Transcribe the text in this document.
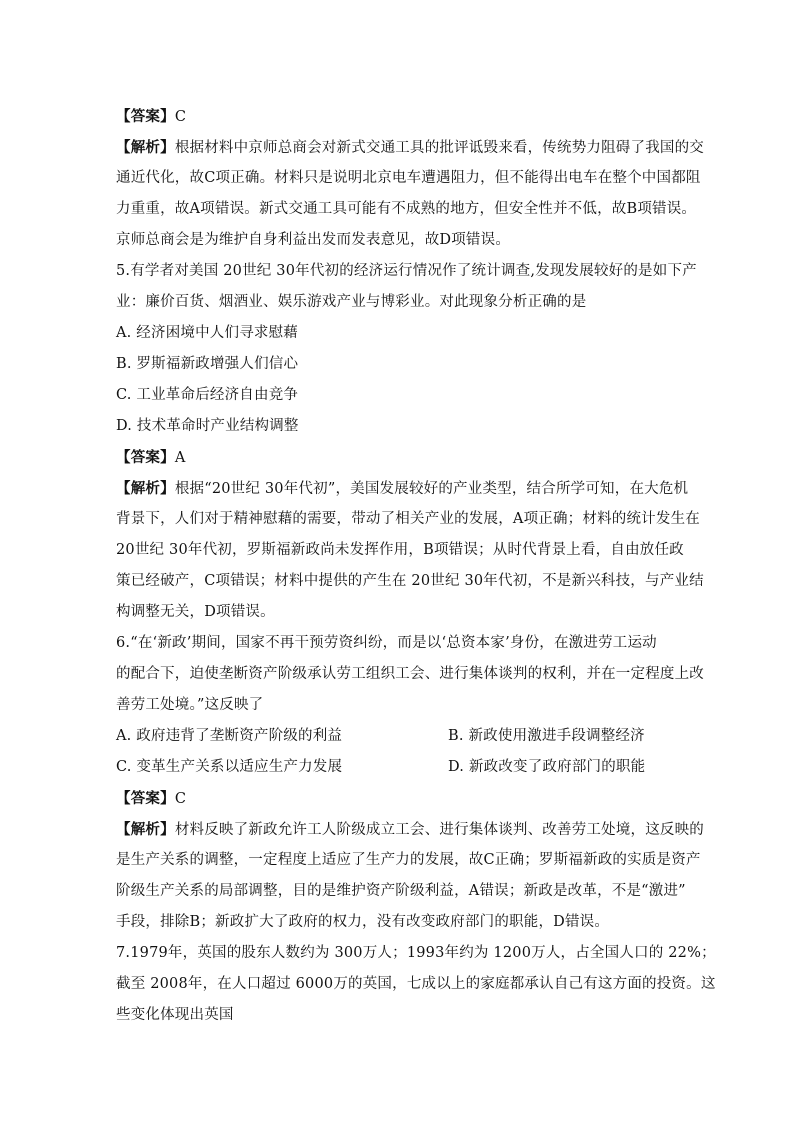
【答案】C
【解析】根据材料中京师总商会对新式交通工具的批评诋毁来看，传统势力阻碍了我国的交
通近代化，故C项正确。材料只是说明北京电车遭遇阻力，但不能得出电车在整个中国都阻
力重重，故A项错误。新式交通工具可能有不成熟的地方，但安全性并不低，故B项错误。
京师总商会是为维护自身利益出发而发表意见，故D项错误。
5.有学者对美国 20世纪 30年代初的经济运行情况作了统计调查,发现发展较好的是如下产
业：廉价百货、烟酒业、娱乐游戏产业与博彩业。对此现象分析正确的是
A. 经济困境中人们寻求慰藉
B. 罗斯福新政增强人们信心
C. 工业革命后经济自由竞争
D. 技术革命时产业结构调整
【答案】A
【解析】根据“20世纪 30年代初”，美国发展较好的产业类型，结合所学可知，在大危机
背景下，人们对于精神慰藉的需要，带动了相关产业的发展，A项正确；材料的统计发生在
20世纪 30年代初，罗斯福新政尚未发挥作用，B项错误；从时代背景上看，自由放任政
策已经破产，C项错误；材料中提供的产生在 20世纪 30年代初，不是新兴科技，与产业结
构调整无关，D项错误。
6.“在‘新政’期间，国家不再干预劳资纠纷，而是以‘总资本家’身份，在激进劳工运动
的配合下，迫使垄断资产阶级承认劳工组织工会、进行集体谈判的权利，并在一定程度上改
善劳工处境。”这反映了
A. 政府违背了垄断资产阶级的利益	B. 新政使用激进手段调整经济
C. 变革生产关系以适应生产力发展	D. 新政改变了政府部门的职能
【答案】C
【解析】材料反映了新政允许工人阶级成立工会、进行集体谈判、改善劳工处境，这反映的
是生产关系的调整，一定程度上适应了生产力的发展，故C正确；罗斯福新政的实质是资产
阶级生产关系的局部调整，目的是维护资产阶级利益，A错误；新政是改革，不是“激进”
手段，排除B；新政扩大了政府的权力，没有改变政府部门的职能，D错误。
7.1979年，英国的股东人数约为 300万人；1993年约为 1200万人，占全国人口的 22%；
截至 2008年，在人口超过 6000万的英国，七成以上的家庭都承认自己有这方面的投资。这
些变化体现出英国
